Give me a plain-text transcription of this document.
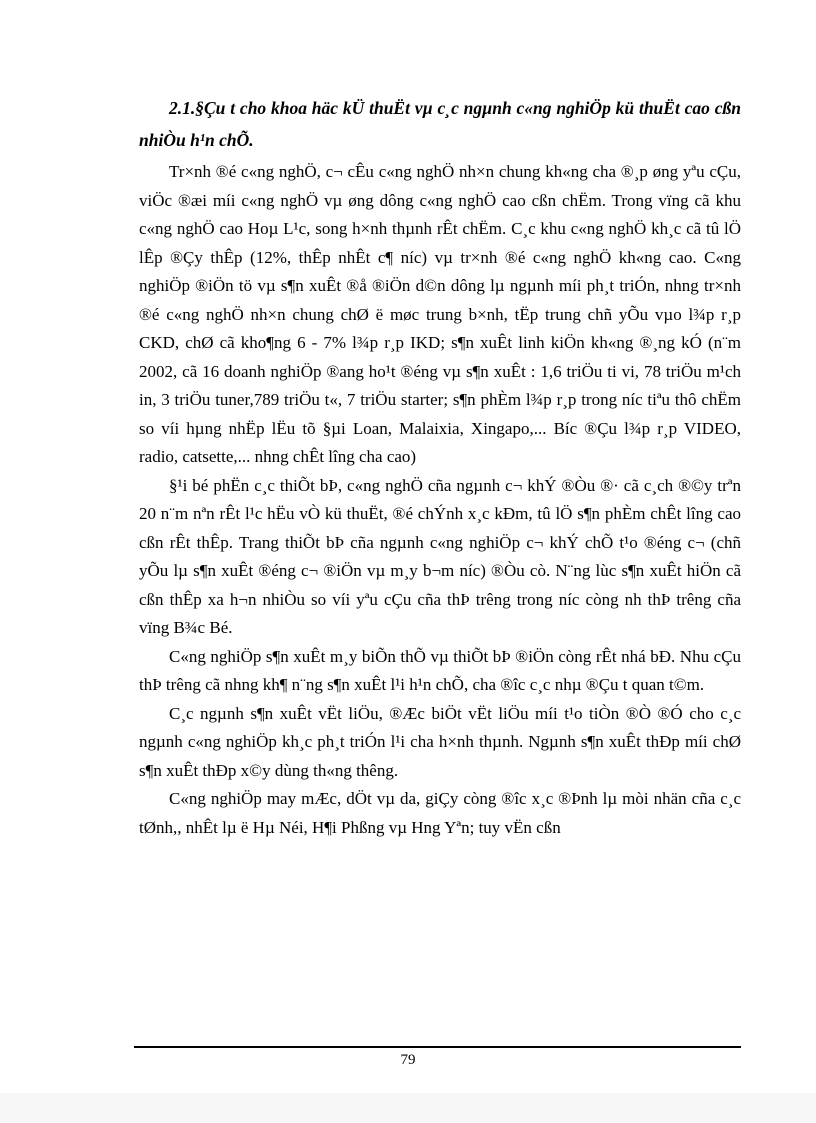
2.1.§Çu t cho khoa häc kÜ thuËt vµ c¸c ngµnh c«ng nghiÖp kü thuËt cao cßn nhiÒu h¹n chÕ.

Tr×nh ®é c«ng nghÖ, c¬ cÊu c«ng nghÖ nh×n chung kh«ng cha ®¸p øng yªu cÇu, viÖc ®æi míi c«ng nghÖ vµ øng dông c«ng nghÖ cao cßn chËm. Trong vïng cã khu c«ng nghÖ cao Hoµ L¹c, song h×nh thµnh rÊt chËm. C¸c khu c«ng nghÖ kh¸c cã tû lÖ lÊp ®Çy thÊp (12%, thÊp nhÊt c¶ níc) vµ tr×nh ®é c«ng nghÖ kh«ng cao. C«ng nghiÖp ®iÖn tö vµ s¶n xuÊt ®å ®iÖn d©n dông lµ ngµnh míi ph¸t triÓn, nhng tr×nh ®é c«ng nghÖ nh×n chung chØ ë møc trung b×nh, tËp trung chñ yÕu vµo l¾p r¸p CKD, chØ cã kho¶ng 6 - 7% l¾p r¸p IKD; s¶n xuÊt linh kiÖn kh«ng ®¸ng kÓ (n¨m 2002, cã 16 doanh nghiÖp ®ang ho¹t ®éng vµ s¶n xuÊt : 1,6 triÖu ti vi, 78 triÖu m¹ch in, 3 triÖu tuner,789 triÖu t«, 7 triÖu starter; s¶n phÈm l¾p r¸p trong níc tiªu thô chËm so víi hµng nhËp lËu tõ §µi Loan, Malaixia, Xingapo,... Bíc ®Çu l¾p r¸p VIDEO, radio, catsette,... nhng chÊt lîng cha cao)

§¹i bé phËn c¸c thiÕt bÞ, c«ng nghÖ cña ngµnh c¬ khÝ ®Òu ®· cã c¸ch ®©y trªn 20 n¨m nªn rÊt l¹c hËu vÒ kü thuËt, ®é chÝnh x¸c kÐm, tû lÖ s¶n phÈm chÊt lîng cao cßn rÊt thÊp. Trang thiÕt bÞ cña ngµnh c«ng nghiÖp c¬ khÝ chÕ t¹o ®éng c¬ (chñ yÕu lµ s¶n xuÊt ®éng c¬ ®iÖn vµ m¸y b¬m níc) ®Òu cò. N¨ng lùc s¶n xuÊt hiÖn cã cßn thÊp xa h¬n nhiÒu so víi yªu cÇu cña thÞ trêng trong níc còng nh thÞ trêng cña vïng B¾c Bé.

C«ng nghiÖp s¶n xuÊt m¸y biÕn thÕ vµ thiÕt bÞ ®iÖn còng rÊt nhá bÐ. Nhu cÇu thÞ trêng cã nhng kh¶ n¨ng s¶n xuÊt l¹i h¹n chÕ, cha ®îc c¸c nhµ ®Çu t quan t©m.

C¸c ngµnh s¶n xuÊt vËt liÖu, ®Æc biÖt vËt liÖu míi t¹o tiÒn ®Ò ®Ó cho c¸c ngµnh c«ng nghiÖp kh¸c ph¸t triÓn l¹i cha h×nh thµnh. Ngµnh s¶n xuÊt thÐp míi chØ s¶n xuÊt thÐp x©y dùng th«ng thêng.

C«ng nghiÖp may mÆc, dÖt vµ da, giÇy còng ®îc x¸c ®Þnh lµ mòi nhän cña c¸c tØnh,, nhÊt lµ ë Hµ Néi, H¶i Phßng vµ Hng Yªn; tuy vËn cßn

79
